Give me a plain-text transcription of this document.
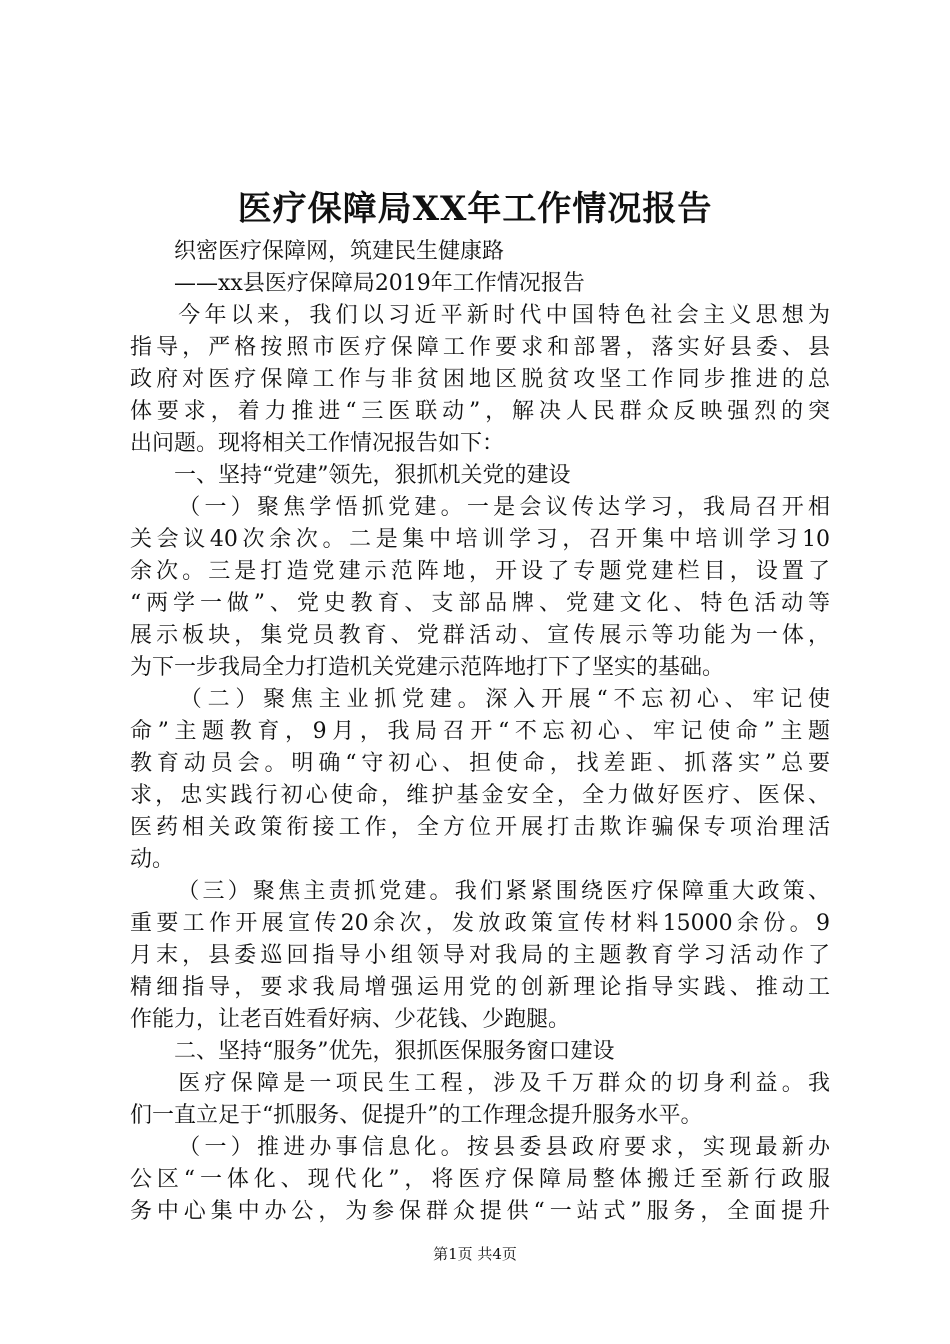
医疗保障局XX年工作情况报告
织密医疗保障网，筑建民生健康路
——xx县医疗保障局2019年工作情况报告
今年以来，我们以习近平新时代中国特色社会主义思想为
指导，严格按照市医疗保障工作要求和部署，落实好县委、县
政府对医疗保障工作与非贫困地区脱贫攻坚工作同步推进的总
体要求，着力推进“三医联动”，解决人民群众反映强烈的突
出问题。现将相关工作情况报告如下：
一、坚持“党建”领先，狠抓机关党的建设
（一）聚焦学悟抓党建。一是会议传达学习，我局召开相
关会议40次余次。二是集中培训学习，召开集中培训学习10
余次。三是打造党建示范阵地，开设了专题党建栏目，设置了
“两学一做”、党史教育、支部品牌、党建文化、特色活动等
展示板块，集党员教育、党群活动、宣传展示等功能为一体，
为下一步我局全力打造机关党建示范阵地打下了坚实的基础。
（二）聚焦主业抓党建。深入开展“不忘初心、牢记使
命”主题教育，9月，我局召开“不忘初心、牢记使命”主题
教育动员会。明确“守初心、担使命，找差距、抓落实”总要
求，忠实践行初心使命，维护基金安全，全力做好医疗、医保、
医药相关政策衔接工作，全方位开展打击欺诈骗保专项治理活
动。
（三）聚焦主责抓党建。我们紧紧围绕医疗保障重大政策、
重要工作开展宣传20余次，发放政策宣传材料15000余份。9
月末，县委巡回指导小组领导对我局的主题教育学习活动作了
精细指导，要求我局增强运用党的创新理论指导实践、推动工
作能力，让老百姓看好病、少花钱、少跑腿。
二、坚持“服务”优先，狠抓医保服务窗口建设
医疗保障是一项民生工程，涉及千万群众的切身利益。我
们一直立足于“抓服务、促提升”的工作理念提升服务水平。
（一）推进办事信息化。按县委县政府要求，实现最新办
公区“一体化、现代化”，将医疗保障局整体搬迁至新行政服
务中心集中办公，为参保群众提供“一站式”服务，全面提升
第1页 共4页
